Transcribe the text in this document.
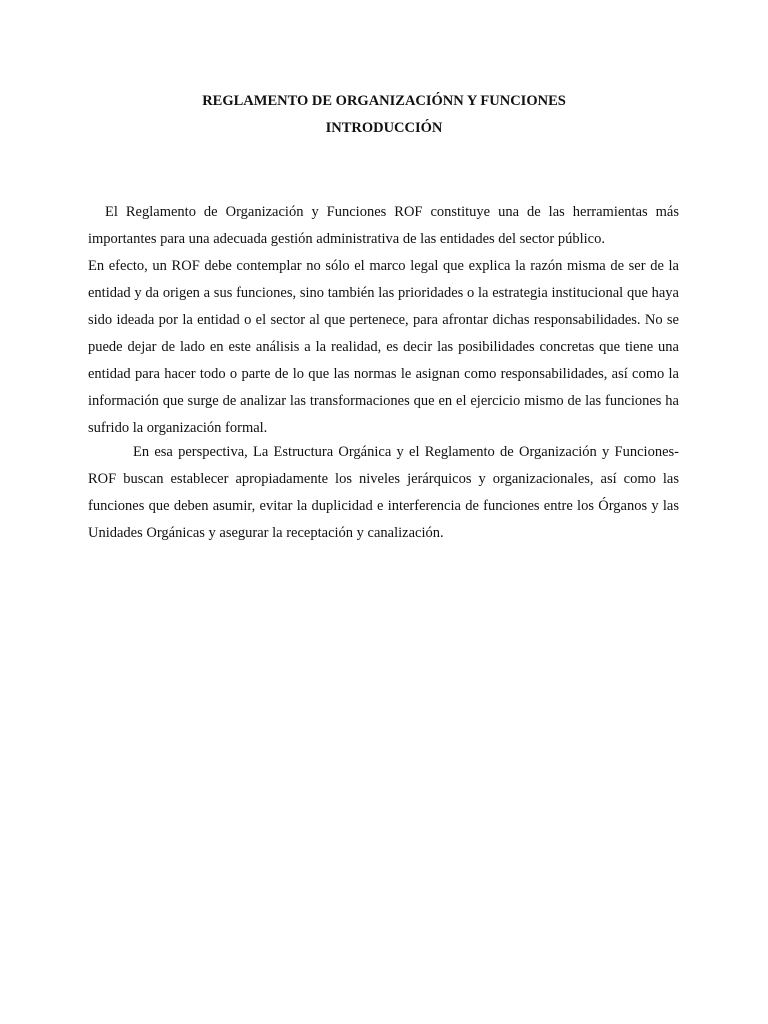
REGLAMENTO DE ORGANIZACIÓNN Y FUNCIONES
INTRODUCCIÓN

El Reglamento de Organización y Funciones ROF constituye una de las herramientas más importantes para una adecuada gestión administrativa de las entidades del sector público.

En efecto, un ROF debe contemplar no sólo el marco legal que explica la razón misma de ser de la entidad y da origen a sus funciones, sino también las prioridades o la estrategia institucional que haya sido ideada por la entidad o el sector al que pertenece, para afrontar dichas responsabilidades. No se puede dejar de lado en este análisis a la realidad, es decir las posibilidades concretas que tiene una entidad para hacer todo o parte de lo que las normas le asignan como responsabilidades, así como la información que surge de analizar las transformaciones que en el ejercicio mismo de las funciones ha sufrido la organización formal.

En esa perspectiva, La Estructura Orgánica y el Reglamento de Organización y Funciones-ROF buscan establecer apropiadamente los niveles jerárquicos y organizacionales, así como las funciones que deben asumir, evitar la duplicidad e interferencia de funciones entre los Órganos y las Unidades Orgánicas y asegurar la receptación y canalización.
